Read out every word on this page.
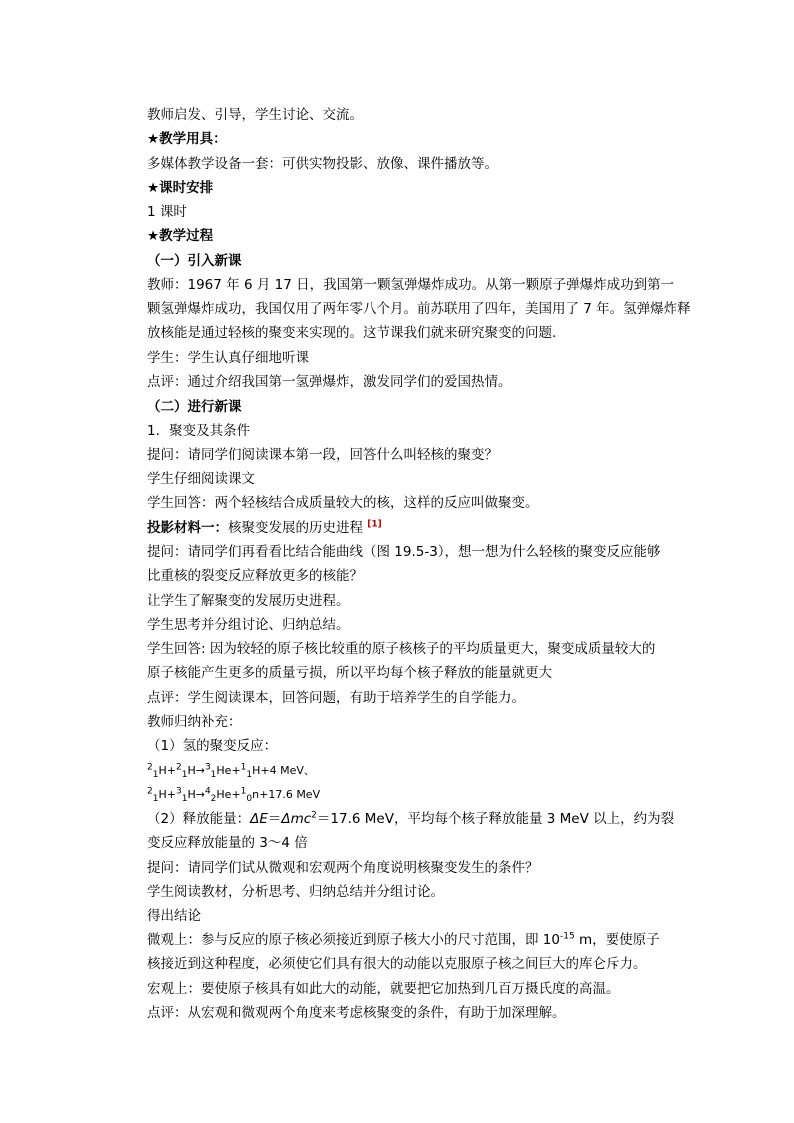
教师启发、引导，学生讨论、交流。
★教学用具：
多媒体教学设备一套：可供实物投影、放像、课件播放等。
★课时安排
1 课时
★教学过程
（一）引入新课
教师：1967 年 6 月 17 日，我国第一颗氢弹爆炸成功。从第一颗原子弹爆炸成功到第一
颗氢弹爆炸成功，我国仅用了两年零八个月。前苏联用了四年，美国用了 7 年。氢弹爆炸释
放核能是通过轻核的聚变来实现的。这节课我们就来研究聚变的问题.
学生：学生认真仔细地听课
点评：通过介绍我国第一氢弹爆炸，激发同学们的爱国热情。
（二）进行新课
1．聚变及其条件
提问：请同学们阅读课本第一段，回答什么叫轻核的聚变？
学生仔细阅读课文
学生回答：两个轻核结合成质量较大的核，这样的反应叫做聚变。
投影材料一：核聚变发展的历史进程 [1]
提问：请同学们再看看比结合能曲线（图 19.5-3），想一想为什么轻核的聚变反应能够
比重核的裂变反应释放更多的核能？
让学生了解聚变的发展历史进程。
学生思考并分组讨论、归纳总结。
学生回答: 因为较轻的原子核比较重的原子核核子的平均质量更大，聚变成质量较大的
原子核能产生更多的质量亏损，所以平均每个核子释放的能量就更大
点评：学生阅读课本，回答问题，有助于培养学生的自学能力。
教师归纳补充：
（1）氢的聚变反应：
$^2_1$H+$^2_1$H→$^3_1$He+$^1_1$H+4 MeV、
$^2_1$H+$^3_1$H→$^4_2$He+$^1_0$n+17.6 MeV
（2）释放能量：ΔE＝Δmc$^2$＝17.6 MeV，平均每个核子释放能量 3 MeV 以上，约为裂
变反应释放能量的 3～4 倍
提问：请同学们试从微观和宏观两个角度说明核聚变发生的条件？
学生阅读教材，分析思考、归纳总结并分组讨论。
得出结论
微观上：参与反应的原子核必须接近到原子核大小的尺寸范围，即 $10^{-15}$ m，要使原子
核接近到这种程度，必须使它们具有很大的动能以克服原子核之间巨大的库仑斥力。
宏观上：要使原子核具有如此大的动能，就要把它加热到几百万摄氏度的高温。
点评：从宏观和微观两个角度来考虑核聚变的条件，有助于加深理解。
